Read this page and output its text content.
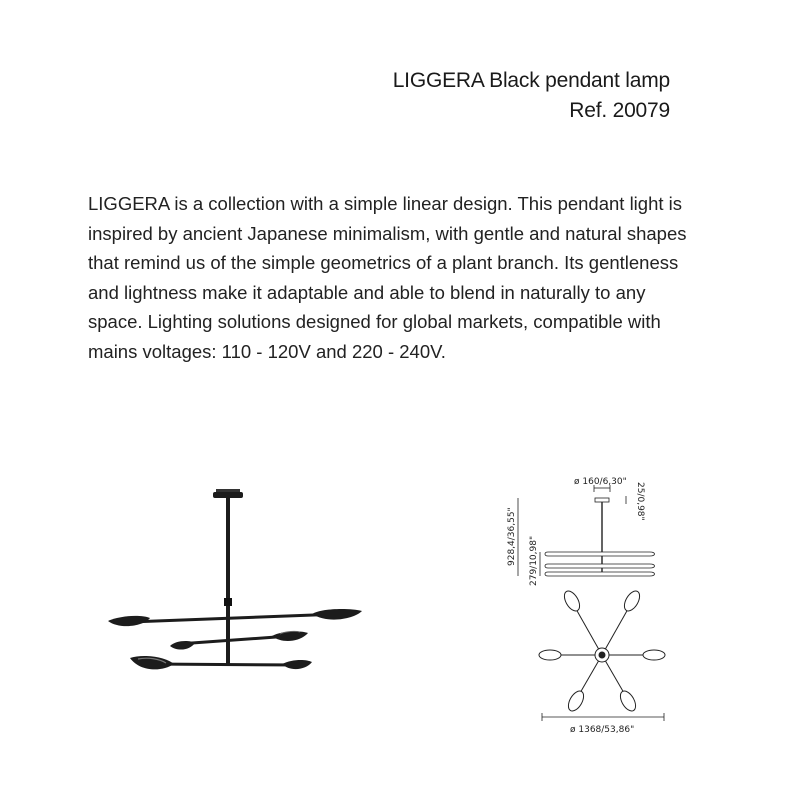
LIGGERA Black pendant lamp
Ref. 20079
LIGGERA is a collection with a simple linear design. This pendant light is inspired by ancient Japanese minimalism, with gentle and natural shapes that remind us of the simple geometrics of a plant branch. Its gentleness and lightness make it adaptable and able to blend in naturally to any space. Lighting solutions designed for global markets, compatible with mains voltages: 110 - 120V and 220 - 240V.
ø 160/6,30" 25/0,98"
928,4/36,55" 279/10,98"
ø 1368/53,86"
